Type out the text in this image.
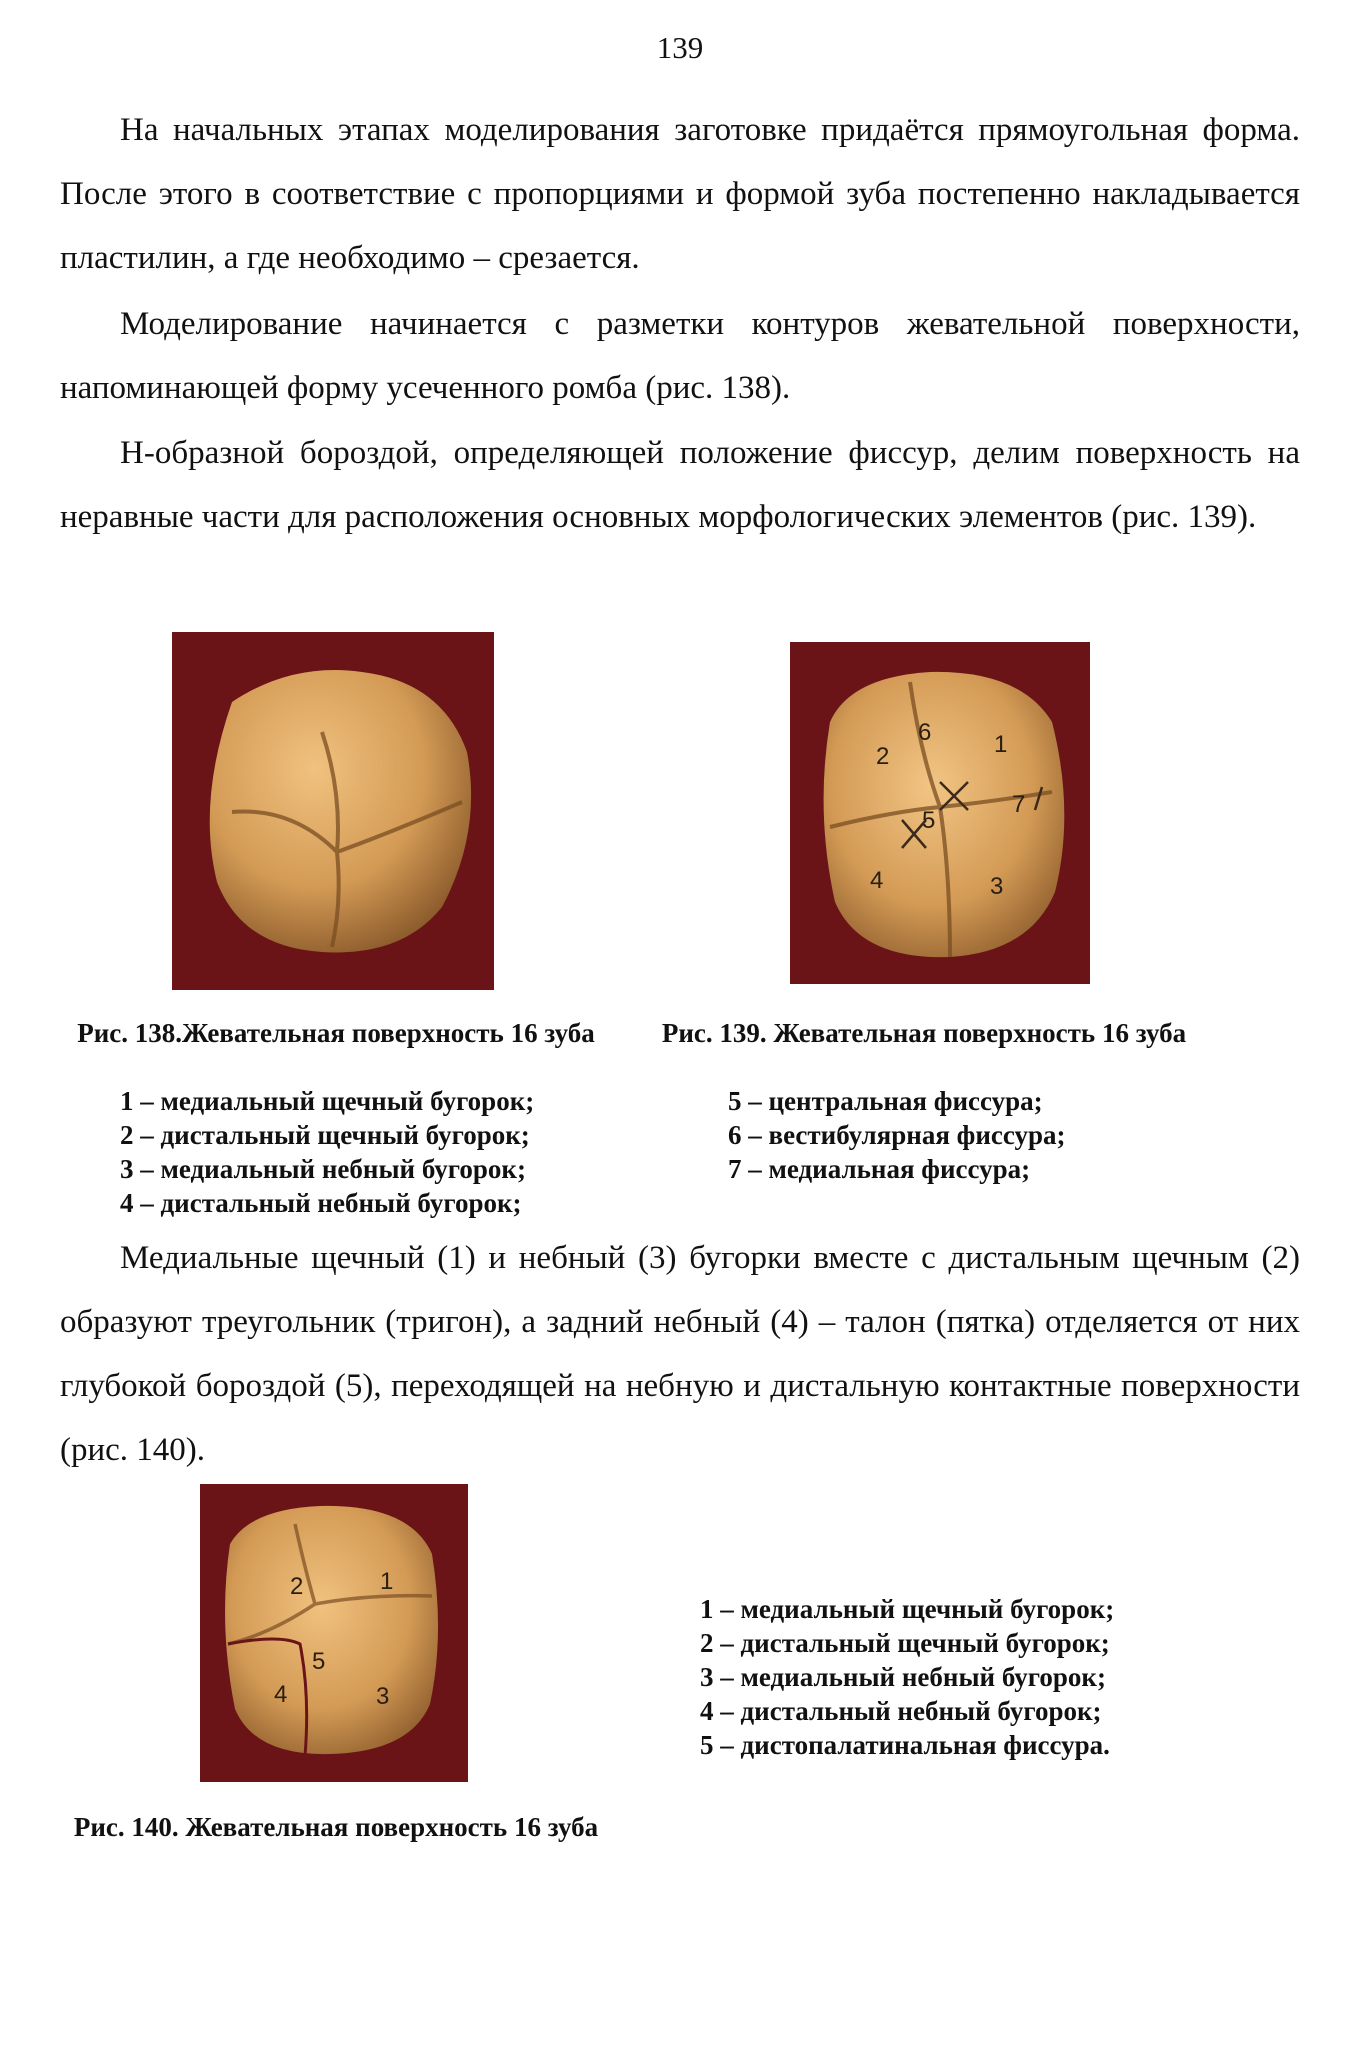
139

На начальных этапах моделирования заготовке придаётся прямоугольная форма. После этого в соответствие с пропорциями и формой зуба постепенно накладывается пластилин, а где необходимо – срезается.

Моделирование начинается с разметки контуров жевательной поверхности, напоминающей форму усеченного ромба (рис. 138).

Н-образной бороздой, определяющей положение фиссур, делим поверхность на неравные части для расположения основных морфологических элементов (рис. 139).

Рис. 138.Жевательная поверхность 16 зуба
1 – медиальный щечный бугорок;
2 – дистальный щечный бугорок;
3 – медиальный небный бугорок;
4 – дистальный небный бугорок;
1
2
3
4
5
6
7
Рис. 139. Жевательная поверхность 16 зуба
5 – центральная фиссура;
6 – вестибулярная фиссура;
7 – медиальная фиссура;

Медиальные щечный (1) и небный (3) бугорки вместе с дистальным щечным (2) образуют треугольник (тригон), а задний небный (4) – талон (пятка) отделяется от них глубокой бороздой (5), переходящей на небную и дистальную контактные поверхности (рис. 140).

1
2
3
4
5
Рис. 140. Жевательная поверхность 16 зуба
1 – медиальный щечный бугорок;
2 – дистальный щечный бугорок;
3 – медиальный небный бугорок;
4 – дистальный небный бугорок;
5 – дистопалатинальная фиссура.
